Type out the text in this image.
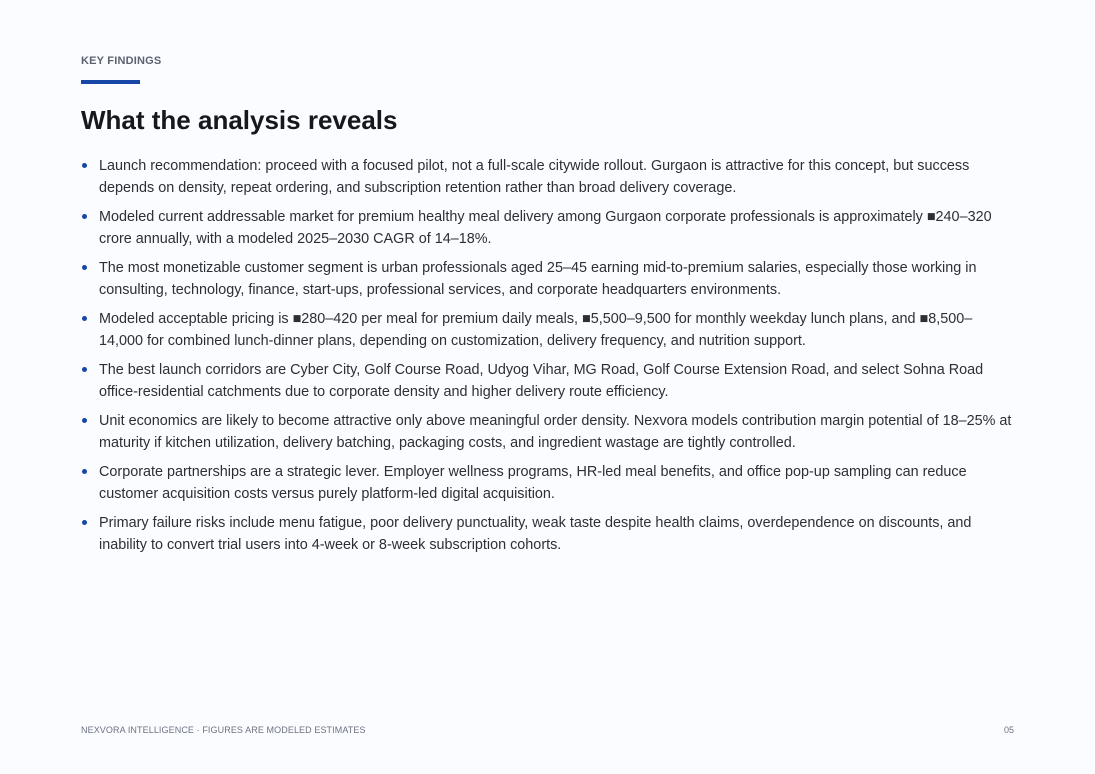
KEY FINDINGS
What the analysis reveals
Launch recommendation: proceed with a focused pilot, not a full-scale citywide rollout. Gurgaon is attractive for this concept, but success depends on density, repeat ordering, and subscription retention rather than broad delivery coverage.
Modeled current addressable market for premium healthy meal delivery among Gurgaon corporate professionals is approximately ■240–320 crore annually, with a modeled 2025–2030 CAGR of 14–18%.
The most monetizable customer segment is urban professionals aged 25–45 earning mid-to-premium salaries, especially those working in consulting, technology, finance, start-ups, professional services, and corporate headquarters environments.
Modeled acceptable pricing is ■280–420 per meal for premium daily meals, ■5,500–9,500 for monthly weekday lunch plans, and ■8,500–14,000 for combined lunch-dinner plans, depending on customization, delivery frequency, and nutrition support.
The best launch corridors are Cyber City, Golf Course Road, Udyog Vihar, MG Road, Golf Course Extension Road, and select Sohna Road office-residential catchments due to corporate density and higher delivery route efficiency.
Unit economics are likely to become attractive only above meaningful order density. Nexvora models contribution margin potential of 18–25% at maturity if kitchen utilization, delivery batching, packaging costs, and ingredient wastage are tightly controlled.
Corporate partnerships are a strategic lever. Employer wellness programs, HR-led meal benefits, and office pop-up sampling can reduce customer acquisition costs versus purely platform-led digital acquisition.
Primary failure risks include menu fatigue, poor delivery punctuality, weak taste despite health claims, overdependence on discounts, and inability to convert trial users into 4-week or 8-week subscription cohorts.
NEXVORA INTELLIGENCE · FIGURES ARE MODELED ESTIMATES	05
